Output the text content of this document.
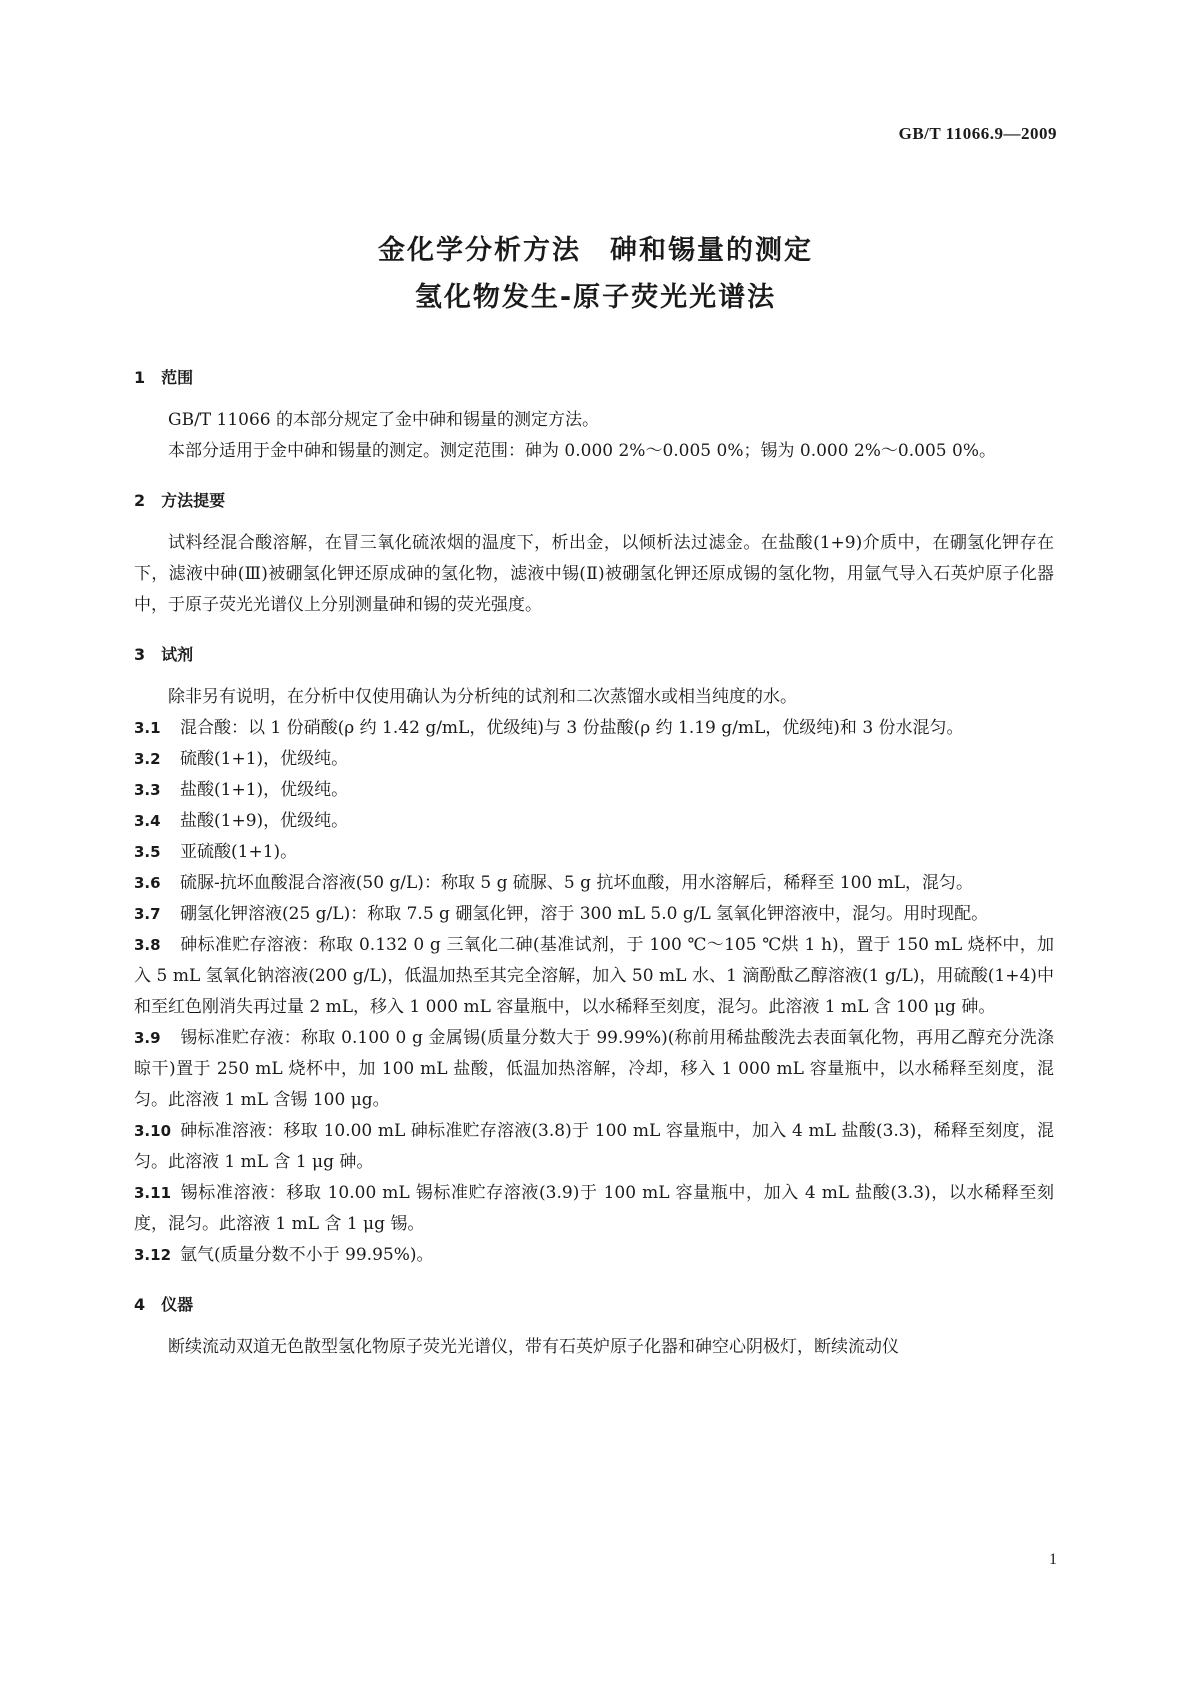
GB/T 11066.9—2009
金化学分析方法　砷和锡量的测定
氢化物发生-原子荧光光谱法
1　范围

GB/T 11066 的本部分规定了金中砷和锡量的测定方法。

本部分适用于金中砷和锡量的测定。测定范围：砷为 0.000 2%～0.005 0%；锡为 0.000 2%～0.005 0%。

2　方法提要

试料经混合酸溶解，在冒三氧化硫浓烟的温度下，析出金，以倾析法过滤金。在盐酸(1+9)介质中，在硼氢化钾存在下，滤液中砷(Ⅲ)被硼氢化钾还原成砷的氢化物，滤液中锡(Ⅱ)被硼氢化钾还原成锡的氢化物，用氩气导入石英炉原子化器中，于原子荧光光谱仪上分别测量砷和锡的荧光强度。

3　试剂

除非另有说明，在分析中仅使用确认为分析纯的试剂和二次蒸馏水或相当纯度的水。

3.1 混合酸：以 1 份硝酸(ρ 约 1.42 g/mL，优级纯)与 3 份盐酸(ρ 约 1.19 g/mL，优级纯)和 3 份水混匀。

3.2 硫酸(1+1)，优级纯。

3.3 盐酸(1+1)，优级纯。

3.4 盐酸(1+9)，优级纯。

3.5 亚硫酸(1+1)。

3.6 硫脲-抗坏血酸混合溶液(50 g/L)：称取 5 g 硫脲、5 g 抗坏血酸，用水溶解后，稀释至 100 mL，混匀。

3.7 硼氢化钾溶液(25 g/L)：称取 7.5 g 硼氢化钾，溶于 300 mL 5.0 g/L 氢氧化钾溶液中，混匀。用时现配。

3.8 砷标准贮存溶液：称取 0.132 0 g 三氧化二砷(基准试剂，于 100 ℃～105 ℃烘 1 h)，置于 150 mL 烧杯中，加入 5 mL 氢氧化钠溶液(200 g/L)，低温加热至其完全溶解，加入 50 mL 水、1 滴酚酞乙醇溶液(1 g/L)，用硫酸(1+4)中和至红色刚消失再过量 2 mL，移入 1 000 mL 容量瓶中，以水稀释至刻度，混匀。此溶液 1 mL 含 100 μg 砷。

3.9 锡标准贮存液：称取 0.100 0 g 金属锡(质量分数大于 99.99%)(称前用稀盐酸洗去表面氧化物，再用乙醇充分洗涤晾干)置于 250 mL 烧杯中，加 100 mL 盐酸，低温加热溶解，冷却，移入 1 000 mL 容量瓶中，以水稀释至刻度，混匀。此溶液 1 mL 含锡 100 μg。

3.10 砷标准溶液：移取 10.00 mL 砷标准贮存溶液(3.8)于 100 mL 容量瓶中，加入 4 mL 盐酸(3.3)，稀释至刻度，混匀。此溶液 1 mL 含 1 μg 砷。

3.11 锡标准溶液：移取 10.00 mL 锡标准贮存溶液(3.9)于 100 mL 容量瓶中，加入 4 mL 盐酸(3.3)，以水稀释至刻度，混匀。此溶液 1 mL 含 1 μg 锡。

3.12 氩气(质量分数不小于 99.95%)。

4　仪器

断续流动双道无色散型氢化物原子荧光光谱仪，带有石英炉原子化器和砷空心阴极灯，断续流动仪

1
